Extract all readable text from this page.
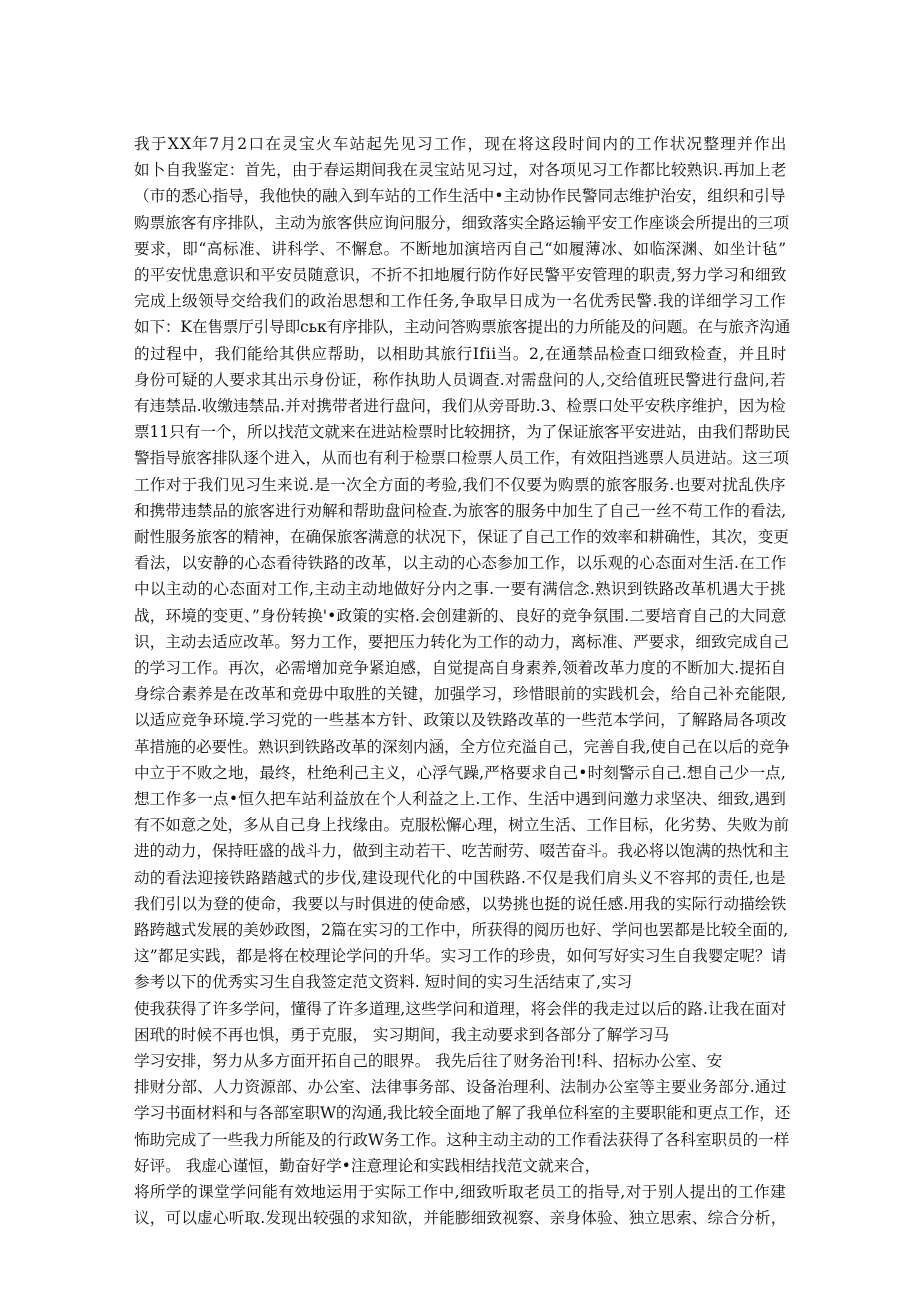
我于XX年7月2口在灵宝火车站起先见习工作，现在将这段时间内的工作状况整理并作出
如卜自我鉴定：首先，由于春运期间我在灵宝站见习过，对各项见习工作都比较熟识.再加上老
（市的悉心指导，我他快的融入到车站的工作生活中•主动协作民警同志维护治安，组织和引导
购票旅客有序排队，主动为旅客供应询问服分，细致落实全路运输平安工作座谈会所提出的三项
要求，即“高标准、讲科学、不懈怠。不断地加演培丙自己“如履薄冰、如临深渊、如坐计毡”
的平安忧患意识和平安员随意识，不折不扣地履行防作好民警平安管理的职责,努力学习和细致
完成上级领导交给我们的政治思想和工作任务,争取早日成为一名优秀民警.我的详细学习工作
如下：K在售票厅引导即ськ有序排队，主动问答购票旅客提出的力所能及的问题。在与旅齐沟通
的过程中，我们能给其供应帮助，以相助其旅行Ifii当。2,在通禁品检查口细致检查，并且时
身份可疑的人要求其出示身份证，称作执助人员调查.对需盘问的人,交给值班民警进行盘问,若
有违禁品.收缴违禁品.并对携带者进行盘问，我们从旁哥助.3、检票口处平安秩序维护，因为检
票11只有一个，所以找范文就来在进站检票时比较拥挤，为了保证旅客平安进站，由我们帮助民
警指导旅客排队逐个进入，从而也有利于检票口检票人员工作，有效阻挡逃票人员进站。这三项
工作对于我们见习生来说.是一次全方面的考验,我们不仅要为购票的旅客服务.也要对扰乱佚序
和携带违禁品的旅客进行劝解和帮助盘问检查.为旅客的服务中加生了自己一丝不苟工作的看法,
耐性服务旅客的精神，在确保旅客满意的状况下，保证了自己工作的效率和耕确性，其次，变更
看法，以安静的心态看待铁路的改革，以主动的心态参加工作，以乐观的心态面对生活.在工作
中以主动的心态面对工作,主动主动地做好分内之事.一要有满信念.熟识到铁路改革机遇大于挑
战，环境的变更、”身份转换'•政策的实格.会创建新的、良好的竞争氛围.二要培育自己的大同意
识，主动去适应改革。努力工作，要把压力转化为工作的动力，离标准、严要求，细致完成自己
的学习工作。再次，必需增加竞争紧迫感，自觉提高自身素养,领着改革力度的不断加大.提拓自
身综合素养是在改革和竞毋中取胜的关键，加强学习，珍惜眼前的实践机会，给自己补充能限,
以适应竞争环境.学习党的一些基本方针、政策以及铁路改革的一些范本学问，了解路局各项改
革措施的必要性。熟识到铁路改革的深刻内涵，全方位充溢自己，完善自我,使自己在以后的竞争
中立于不败之地，最终，杜绝利己主义，心浮气躁,严格要求自己•时刻警示自己.想自己少一点,
想工作多一点•恒久把车站利益放在个人利益之上.工作、生活中遇到问邀力求坚决、细致,遇到
有不如意之处，多从自己身上找缘由。克服松懈心理，树立生活、工作目标，化劣势、失败为前
进的动力，保持旺盛的战斗力，做到主动若干、吃苦耐劳、啜苦奋斗。我必将以饱满的热忱和主
动的看法迎接铁路踏越式的步伐,建设现代化的中国秩路.不仅是我们肩头义不容邦的责任,也是
我们引以为登的使命，我要以与时俱进的使命感，以势挑也挺的说任感.用我的实际行动描绘铁
路跨越式发展的美妙政图，2篇在实习的工作中，所获得的阅历也好、学问也罢都是比较全面的,
这”都足实践，都是将在校理论学问的升华。实习工作的珍贵，如何写好实习生自我婴定呢？请
参考以下的优秀实习生自我签定范文资料. 短时间的实习生活结束了,实习
使我获得了许多学问，懂得了许多道理,这些学问和道理，将会伴的我走过以后的路.让我在面对
困玳的时候不再也惧，勇于克服， 实习期间，我主动要求到各部分了解学习马
学习安排，努力从多方面开拓自己的眼界。 我先后往了财务治刊!科、招标办公室、安
排财分部、人力资源部、办公室、法律事务部、设备治理利、法制办公室等主要业务部分.通过
学习书面材料和与各部室职W的沟通,我比较全面地了解了我单位科室的主要职能和更点工作，还
怖助完成了一些我力所能及的行政W务工作。这种主动主动的工作看法获得了各科室职员的一样
好评。 我虚心谨恒，勤奋好学•注意理论和实践相结找范文就来合，
将所学的课堂学问能有效地运用于实际工作中,细致听取老员工的指导,对于别人提出的工作建
议，可以虚心听取.发现出较强的求知欲，并能膨细致视察、亲身体验、独立思索、综合分析，
